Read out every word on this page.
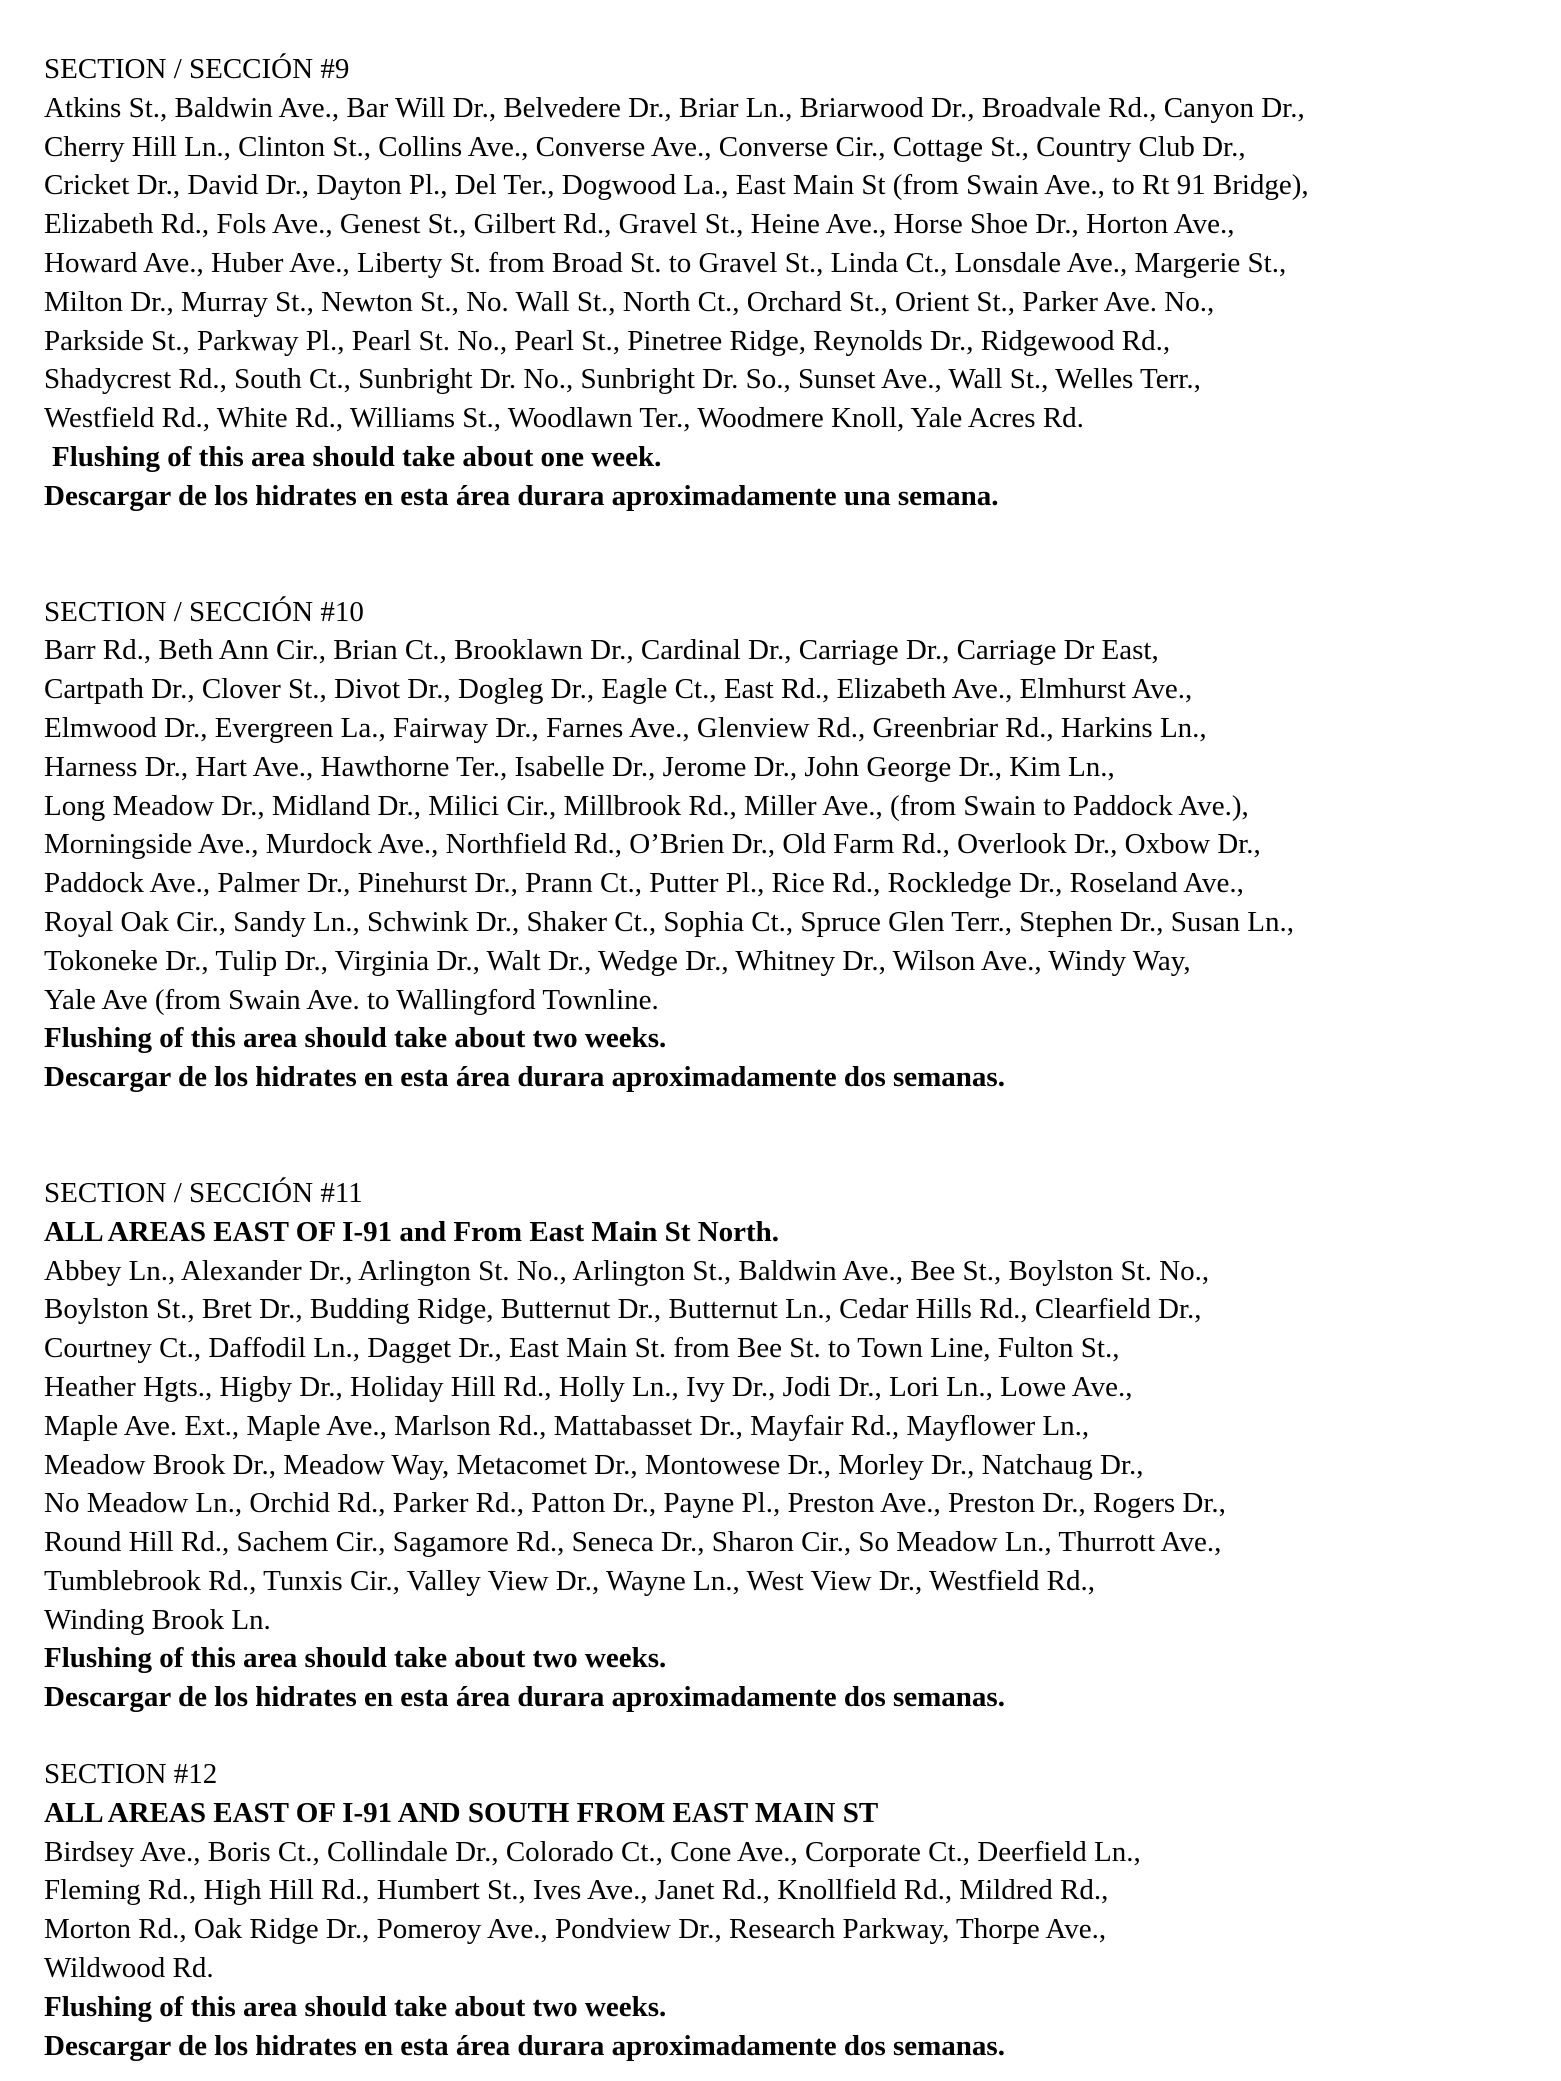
SECTION / SECCIÓN #9
Atkins St., Baldwin Ave., Bar Will Dr., Belvedere Dr., Briar Ln., Briarwood Dr., Broadvale Rd., Canyon Dr.,
Cherry Hill Ln., Clinton St., Collins Ave., Converse Ave., Converse Cir., Cottage St., Country Club Dr.,
Cricket Dr., David Dr., Dayton Pl., Del Ter., Dogwood La., East Main St (from Swain Ave., to Rt 91 Bridge),
Elizabeth Rd., Fols Ave., Genest St., Gilbert Rd., Gravel St., Heine Ave., Horse Shoe Dr., Horton Ave.,
Howard Ave., Huber Ave., Liberty St. from Broad St. to Gravel St., Linda Ct., Lonsdale Ave., Margerie St.,
Milton Dr., Murray St., Newton St., No. Wall St., North Ct., Orchard St., Orient St., Parker Ave. No.,
Parkside St., Parkway Pl., Pearl St. No., Pearl St., Pinetree Ridge, Reynolds Dr., Ridgewood Rd.,
Shadycrest Rd., South Ct., Sunbright Dr. No., Sunbright Dr. So., Sunset Ave., Wall St., Welles Terr.,
Westfield Rd., White Rd., Williams St., Woodlawn Ter., Woodmere Knoll, Yale Acres Rd.
Flushing of this area should take about one week.
Descargar de los hidrates en esta área durara aproximadamente una semana.
SECTION / SECCIÓN #10
Barr Rd., Beth Ann Cir., Brian Ct., Brooklawn Dr., Cardinal Dr., Carriage Dr., Carriage Dr East,
Cartpath Dr., Clover St., Divot Dr., Dogleg Dr., Eagle Ct., East Rd., Elizabeth Ave., Elmhurst Ave.,
Elmwood Dr., Evergreen La., Fairway Dr., Farnes Ave., Glenview Rd., Greenbriar Rd., Harkins Ln.,
Harness Dr., Hart Ave., Hawthorne Ter., Isabelle Dr., Jerome Dr., John George Dr., Kim Ln.,
Long Meadow Dr., Midland Dr., Milici Cir., Millbrook Rd., Miller Ave., (from Swain to Paddock Ave.),
Morningside Ave., Murdock Ave., Northfield Rd., O’Brien Dr., Old Farm Rd., Overlook Dr., Oxbow Dr.,
Paddock Ave., Palmer Dr., Pinehurst Dr., Prann Ct., Putter Pl., Rice Rd., Rockledge Dr., Roseland Ave.,
Royal Oak Cir., Sandy Ln., Schwink Dr., Shaker Ct., Sophia Ct., Spruce Glen Terr., Stephen Dr., Susan Ln.,
Tokoneke Dr., Tulip Dr., Virginia Dr., Walt Dr., Wedge Dr., Whitney Dr., Wilson Ave., Windy Way,
Yale Ave (from Swain Ave. to Wallingford Townline.
Flushing of this area should take about two weeks.
Descargar de los hidrates en esta área durara aproximadamente dos semanas.
SECTION / SECCIÓN #11
ALL AREAS EAST OF I-91 and From East Main St North.
Abbey Ln., Alexander Dr., Arlington St. No., Arlington St., Baldwin Ave., Bee St., Boylston St. No.,
Boylston St., Bret Dr., Budding Ridge, Butternut Dr., Butternut Ln., Cedar Hills Rd., Clearfield Dr.,
Courtney Ct., Daffodil Ln., Dagget Dr., East Main St. from Bee St. to Town Line, Fulton St.,
Heather Hgts., Higby Dr., Holiday Hill Rd., Holly Ln., Ivy Dr., Jodi Dr., Lori Ln., Lowe Ave.,
Maple Ave. Ext., Maple Ave., Marlson Rd., Mattabasset Dr., Mayfair Rd., Mayflower Ln.,
Meadow Brook Dr., Meadow Way, Metacomet Dr., Montowese Dr., Morley Dr., Natchaug Dr.,
No Meadow Ln., Orchid Rd., Parker Rd., Patton Dr., Payne Pl., Preston Ave., Preston Dr., Rogers Dr.,
Round Hill Rd., Sachem Cir., Sagamore Rd., Seneca Dr., Sharon Cir., So Meadow Ln., Thurrott Ave.,
Tumblebrook Rd., Tunxis Cir., Valley View Dr., Wayne Ln., West View Dr., Westfield Rd.,
Winding Brook Ln.
Flushing of this area should take about two weeks.
Descargar de los hidrates en esta área durara aproximadamente dos semanas.
SECTION #12
ALL AREAS EAST OF I-91 AND SOUTH FROM EAST MAIN ST
Birdsey Ave., Boris Ct., Collindale Dr., Colorado Ct., Cone Ave., Corporate Ct., Deerfield Ln.,
Fleming Rd., High Hill Rd., Humbert St., Ives Ave., Janet Rd., Knollfield Rd., Mildred Rd.,
Morton Rd., Oak Ridge Dr., Pomeroy Ave., Pondview Dr., Research Parkway, Thorpe Ave.,
Wildwood Rd.
Flushing of this area should take about two weeks.
Descargar de los hidrates en esta área durara aproximadamente dos semanas.
